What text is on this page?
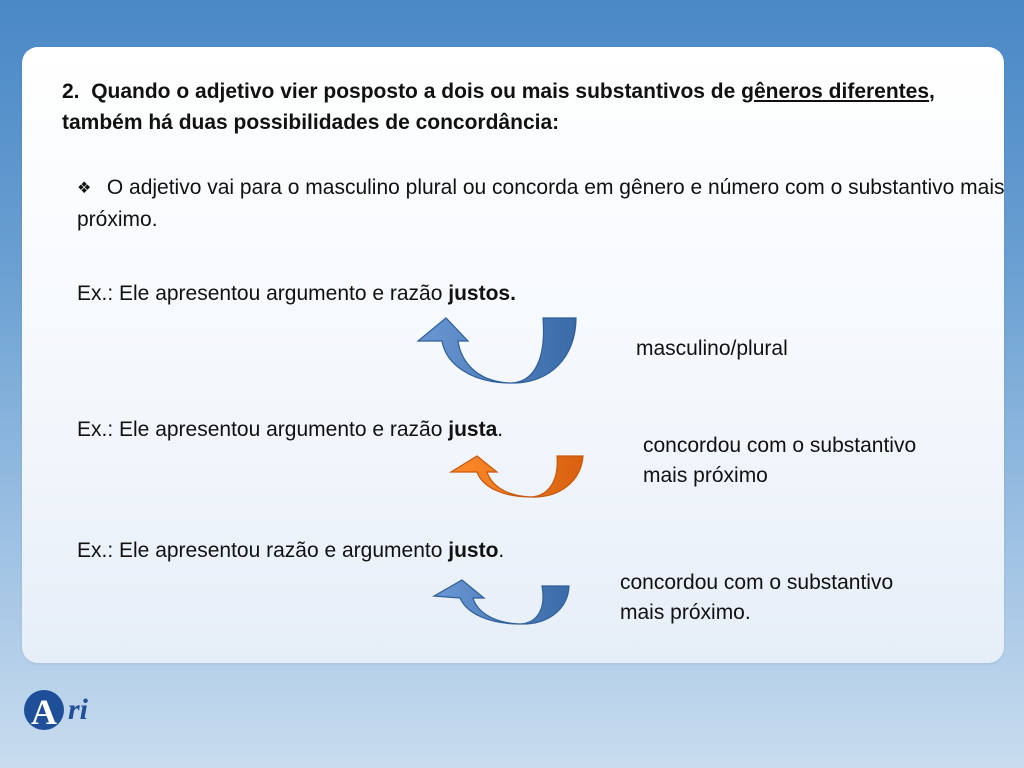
2. Quando o adjetivo vier posposto a dois ou mais substantivos de gêneros diferentes, também há duas possibilidades de concordância:
❖ O adjetivo vai para o masculino plural ou concorda em gênero e número com o substantivo mais próximo.
Ex.: Ele apresentou argumento e razão justos.
masculino/plural
Ex.: Ele apresentou argumento e razão justa.
concordou com o substantivo
mais próximo
Ex.: Ele apresentou razão e argumento justo.
concordou com o substantivo
mais próximo.
A ri
